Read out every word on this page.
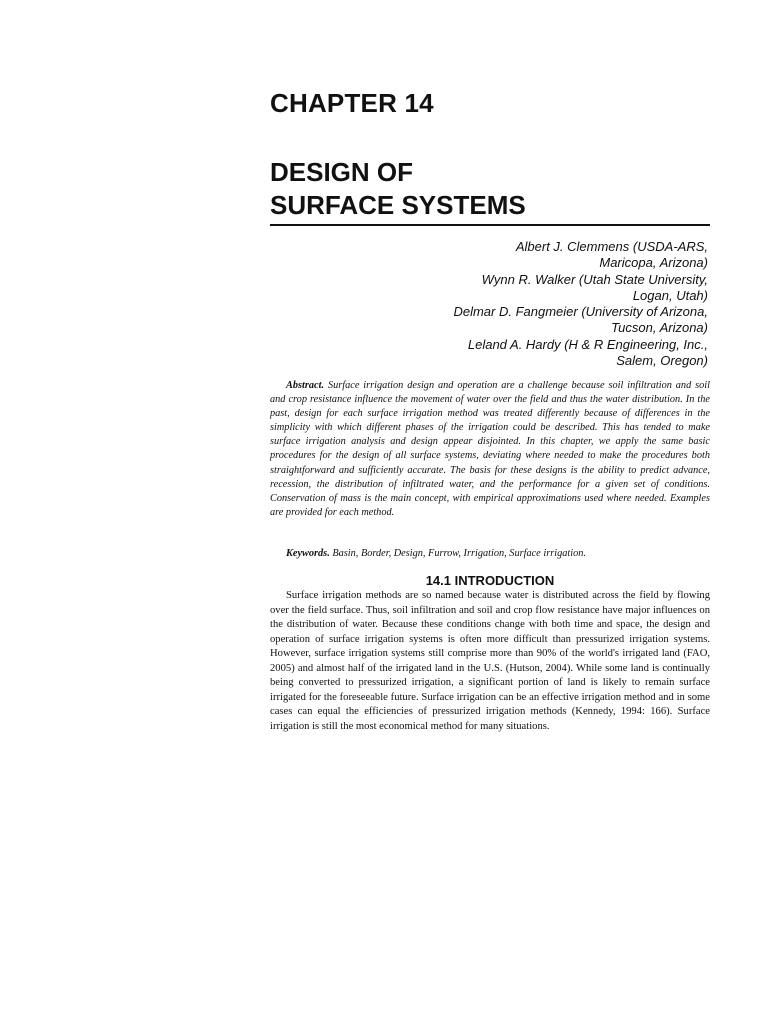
CHAPTER 14
DESIGN OF
SURFACE SYSTEMS
Albert J. Clemmens (USDA-ARS,
Maricopa, Arizona)
Wynn R. Walker (Utah State University,
Logan, Utah)
Delmar D. Fangmeier (University of Arizona,
Tucson, Arizona)
Leland A. Hardy (H & R Engineering, Inc.,
Salem, Oregon)

Abstract. Surface irrigation design and operation are a challenge because soil infiltration and soil and crop resistance influence the movement of water over the field and thus the water distribution. In the past, design for each surface irrigation method was treated differently because of differences in the simplicity with which different phases of the irrigation could be described. This has tended to make surface irrigation analysis and design appear disjointed. In this chapter, we apply the same basic procedures for the design of all surface systems, deviating where needed to make the procedures both straightforward and sufficiently accurate. The basis for these designs is the ability to predict advance, recession, the distribution of infiltrated water, and the performance for a given set of conditions. Conservation of mass is the main concept, with empirical approximations used where needed. Examples are provided for each method.

Keywords. Basin, Border, Design, Furrow, Irrigation, Surface irrigation.

14.1 INTRODUCTION

Surface irrigation methods are so named because water is distributed across the field by flowing over the field surface. Thus, soil infiltration and soil and crop flow resistance have major influences on the distribution of water. Because these conditions change with both time and space, the design and operation of surface irrigation systems is often more difficult than pressurized irrigation systems. However, surface irrigation systems still comprise more than 90% of the world's irrigated land (FAO, 2005) and almost half of the irrigated land in the U.S. (Hutson, 2004). While some land is continually being converted to pressurized irrigation, a significant portion of land is likely to remain surface irrigated for the foreseeable future. Surface irrigation can be an effective irrigation method and in some cases can equal the efficiencies of pressurized irrigation methods (Kennedy, 1994: 166). Surface irrigation is still the most economical method for many situations.
